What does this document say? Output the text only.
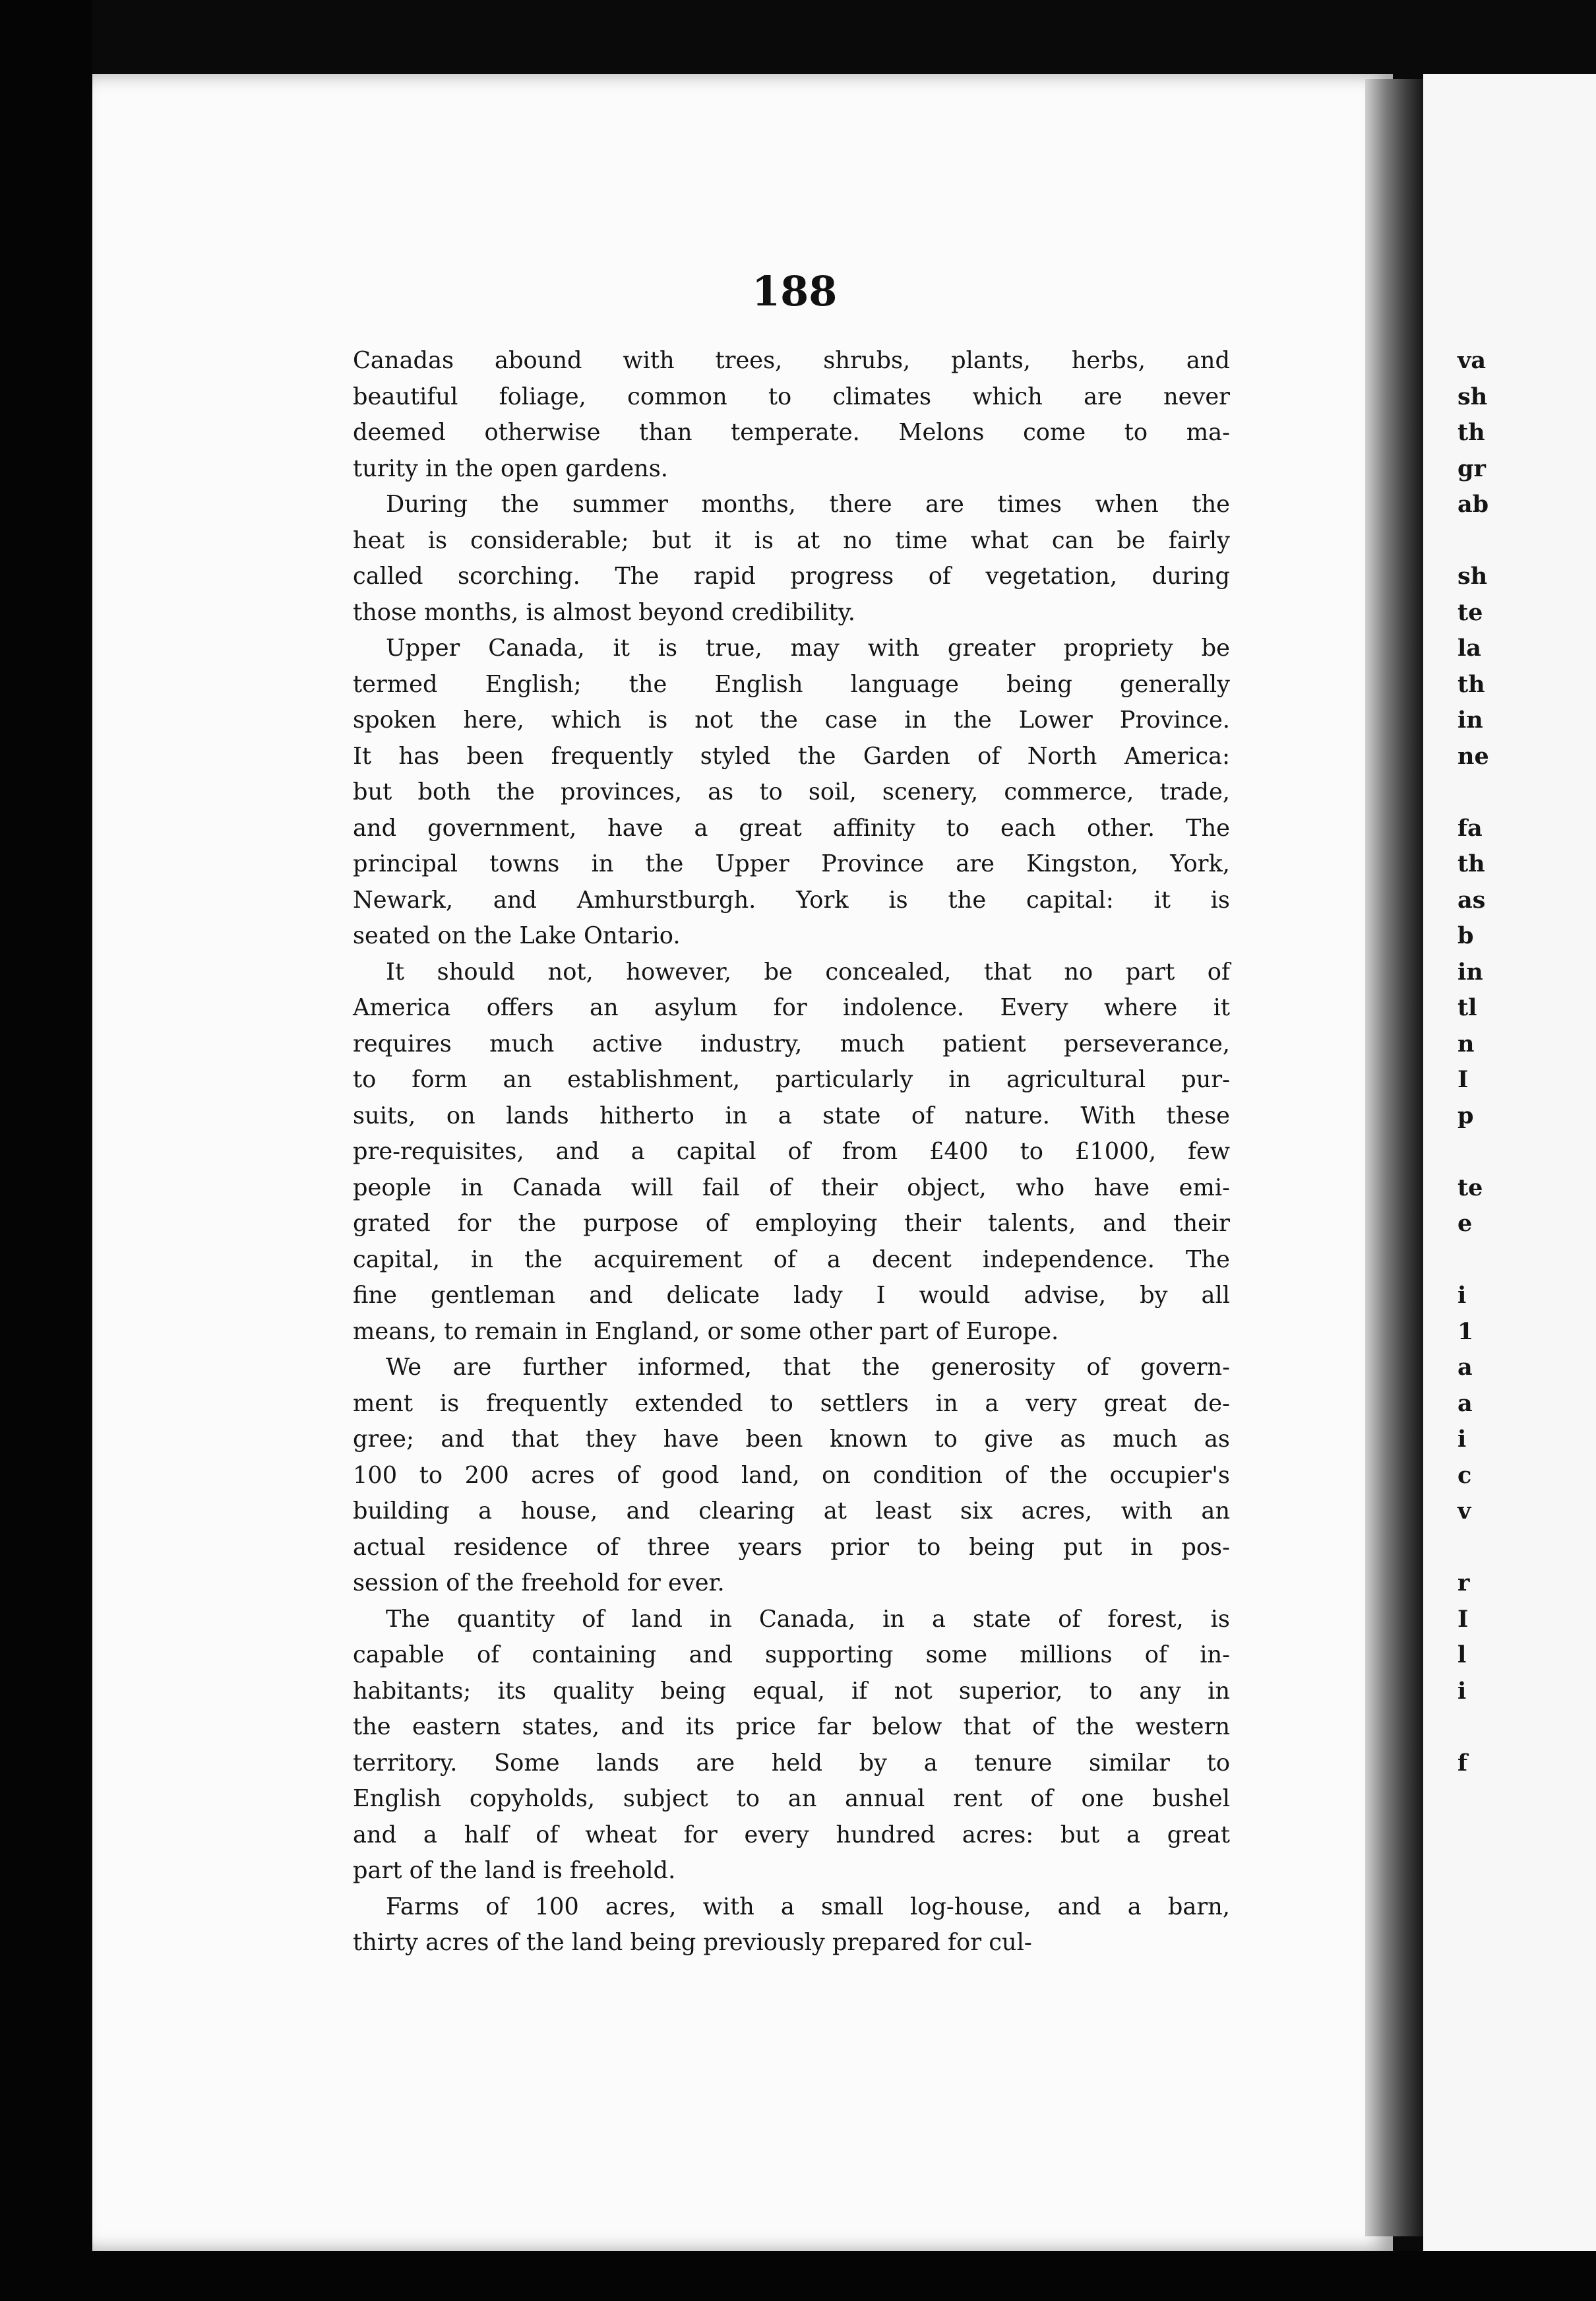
188
Canadas abound with trees, shrubs, plants, herbs, and
beautiful foliage, common to climates which are never
deemed otherwise than temperate. Melons come to ma-
turity in the open gardens.
During the summer months, there are times when the
heat is considerable; but it is at no time what can be fairly
called scorching. The rapid progress of vegetation, during
those months, is almost beyond credibility.
Upper Canada, it is true, may with greater propriety be
termed English; the English language being generally
spoken here, which is not the case in the Lower Province.
It has been frequently styled the Garden of North America:
but both the provinces, as to soil, scenery, commerce, trade,
and government, have a great affinity to each other. The
principal towns in the Upper Province are Kingston, York,
Newark, and Amhurstburgh. York is the capital: it is
seated on the Lake Ontario.
It should not, however, be concealed, that no part of
America offers an asylum for indolence. Every where it
requires much active industry, much patient perseverance,
to form an establishment, particularly in agricultural pur-
suits, on lands hitherto in a state of nature. With these
pre-requisites, and a capital of from £400 to £1000, few
people in Canada will fail of their object, who have emi-
grated for the purpose of employing their talents, and their
capital, in the acquirement of a decent independence. The
fine gentleman and delicate lady I would advise, by all
means, to remain in England, or some other part of Europe.
We are further informed, that the generosity of govern-
ment is frequently extended to settlers in a very great de-
gree; and that they have been known to give as much as
100 to 200 acres of good land, on condition of the occupier's
building a house, and clearing at least six acres, with an
actual residence of three years prior to being put in pos-
session of the freehold for ever.
The quantity of land in Canada, in a state of forest, is
capable of containing and supporting some millions of in-
habitants; its quality being equal, if not superior, to any in
the eastern states, and its price far below that of the western
territory. Some lands are held by a tenure similar to
English copyholds, subject to an annual rent of one bushel
and a half of wheat for every hundred acres: but a great
part of the land is freehold.
Farms of 100 acres, with a small log-house, and a barn,
thirty acres of the land being previously prepared for cul-
va
sh
th
gr
ab
sh
te
la
th
in
ne
fa
th
as
b
in
tl
n
I
p
te
e
i
1
a
a
i
c
v
r
I
l
i
f
